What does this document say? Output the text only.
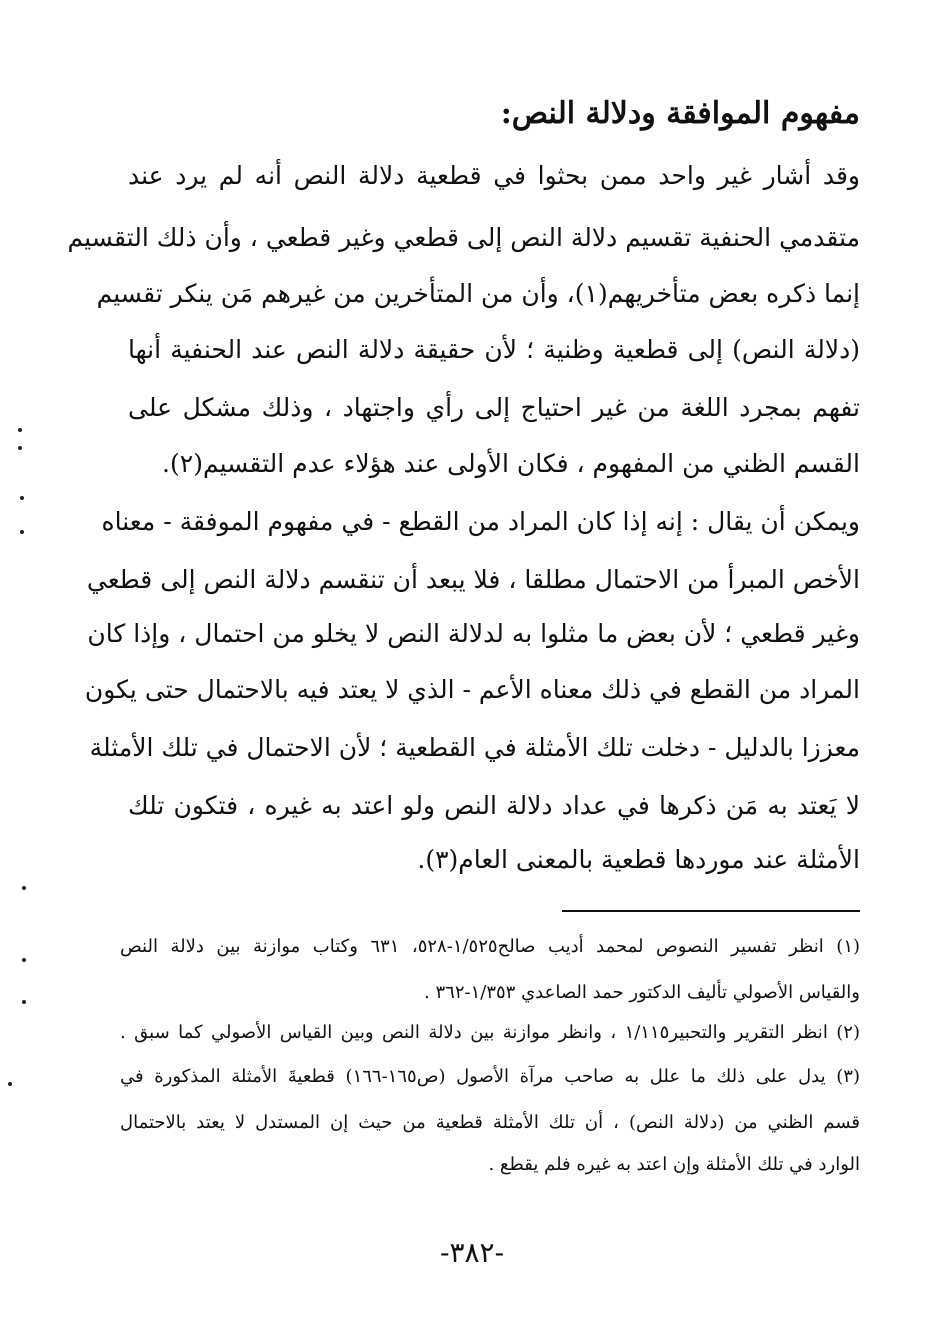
مفهوم الموافقة ودلالة النص:
وقد أشار غير واحد ممن بحثوا في قطعية دلالة النص أنه لم يرد عند
متقدمي الحنفية تقسيم دلالة النص إلى قطعي وغير قطعي ، وأن ذلك التقسيم
إنما ذكره بعض متأخريهم(١)، وأن من المتأخرين من غيرهم مَن ينكر تقسيم
(دلالة النص) إلى قطعية وظنية ؛ لأن حقيقة دلالة النص عند الحنفية أنها
تفهم بمجرد اللغة من غير احتياج إلى رأي واجتهاد ، وذلك مشكل على
القسم الظني من المفهوم ، فكان الأولى عند هؤلاء عدم التقسيم(٢).
ويمكن أن يقال : إنه إذا كان المراد من القطع - في مفهوم الموفقة - معناه
الأخص المبرأ من الاحتمال مطلقا ، فلا يبعد أن تنقسم دلالة النص إلى قطعي
وغير قطعي ؛ لأن بعض ما مثلوا به لدلالة النص لا يخلو من احتمال ، وإذا كان
المراد من القطع في ذلك معناه الأعم - الذي لا يعتد فيه بالاحتمال حتى يكون
معززا بالدليل - دخلت تلك الأمثلة في القطعية ؛ لأن الاحتمال في تلك الأمثلة
لا يَعتد به مَن ذكرها في عداد دلالة النص ولو اعتد به غيره ، فتكون تلك
الأمثلة عند موردها قطعية بالمعنى العام(٣).
(١) انظر تفسير النصوص لمحمد أديب صالح١/٥٢٥-٥٢٨، ٦٣١ وكتاب موازنة بين دلالة النص
والقياس الأصولي تأليف الدكتور حمد الصاعدي ١/٣٥٣-٣٦٢ .
(٢) انظر التقرير والتحبير١/١١٥ ، وانظر موازنة بين دلالة النص وبين القياس الأصولي كما سبق .
(٣) يدل على ذلك ما علل به صاحب مرآة الأصول (ص١٦٥-١٦٦) قطعيةَ الأمثلة المذكورة في
قسم الظني من (دلالة النص) ، أن تلك الأمثلة قطعية من حيث إن المستدل لا يعتد بالاحتمال
الوارد في تلك الأمثلة وإن اعتد به غيره فلم يقطع .
-٣٨٢-
